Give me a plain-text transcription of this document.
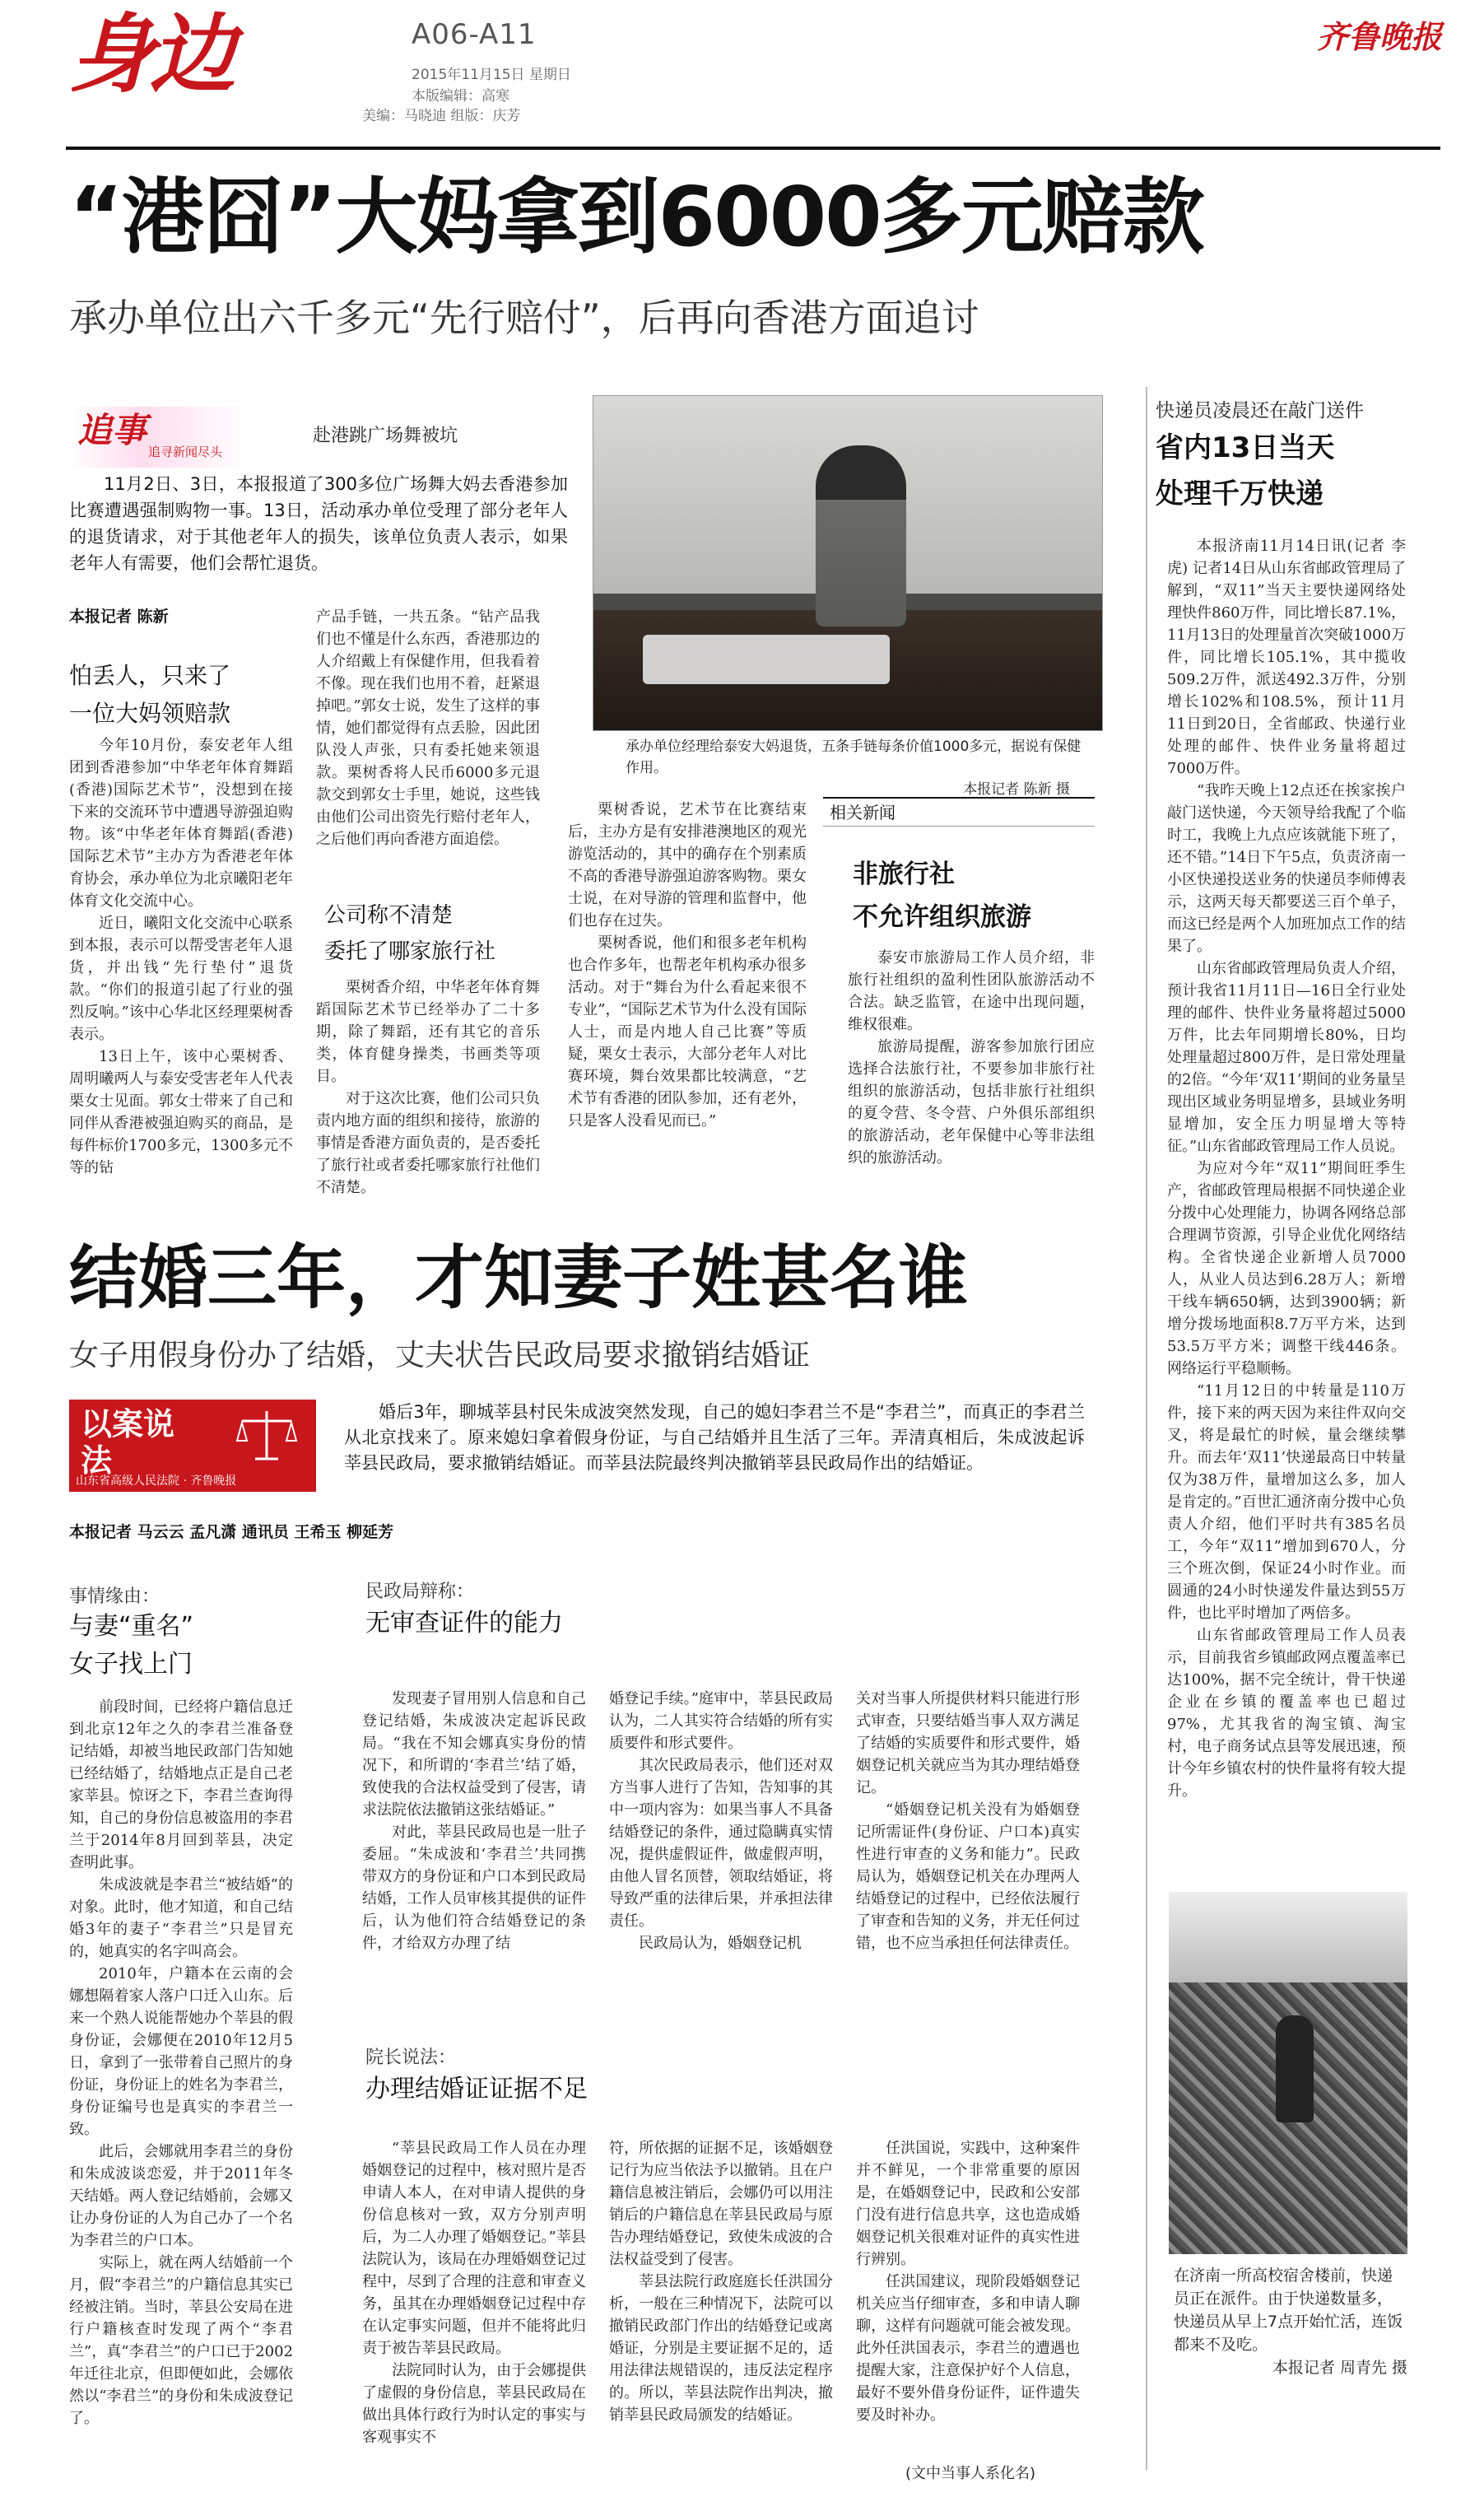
身边	A06-A11
2015年11月15日 星期日
本版编辑：高寒
美编：马晓迪 组版：庆芳
齐鲁晚报
“港囧”大妈拿到6000多元赔款
承办单位出六千多元“先行赔付”，后再向香港方面追讨
追事
追寻新闻尽头
赴港跳广场舞被坑
11月2日、3日，本报报道了300多位广场舞大妈去香港参加比赛遭遇强制购物一事。13日，活动承办单位受理了部分老年人的退货请求，对于其他老年人的损失，该单位负责人表示，如果老年人有需要，他们会帮忙退货。
本报记者 陈新
怕丢人，只来了
一位大妈领赔款

今年10月份，泰安老年人组团到香港参加“中华老年体育舞蹈(香港)国际艺术节”，没想到在接下来的交流环节中遭遇导游强迫购物。该“中华老年体育舞蹈(香港)国际艺术节”主办方为香港老年体育协会，承办单位为北京曦阳老年体育文化交流中心。

近日，曦阳文化交流中心联系到本报，表示可以帮受害老年人退货，并出钱“先行垫付”退货款。“你们的报道引起了行业的强烈反响。”该中心华北区经理栗树香表示。

13日上午，该中心栗树香、周明曦两人与泰安受害老年人代表栗女士见面。郭女士带来了自己和同伴从香港被强迫购买的商品，是每件标价1700多元，1300多元不等的钻

产品手链，一共五条。“钻产品我们也不懂是什么东西，香港那边的人介绍戴上有保健作用，但我看着不像。现在我们也用不着，赶紧退掉吧。”郭女士说，发生了这样的事情，她们都觉得有点丢脸，因此团队没人声张，只有委托她来领退款。栗树香将人民币6000多元退款交到郭女士手里，她说，这些钱由他们公司出资先行赔付老年人，之后他们再向香港方面追偿。

公司称不清楚
委托了哪家旅行社

栗树香介绍，中华老年体育舞蹈国际艺术节已经举办了二十多期，除了舞蹈，还有其它的音乐类，体育健身操类，书画类等项目。

对于这次比赛，他们公司只负责内地方面的组织和接待，旅游的事情是香港方面负责的，是否委托了旅行社或者委托哪家旅行社他们不清楚。

栗树香说，艺术节在比赛结束后，主办方是有安排港澳地区的观光游览活动的，其中的确存在个别素质不高的香港导游强迫游客购物。栗女士说，在对导游的管理和监督中，他们也存在过失。

栗树香说，他们和很多老年机构也合作多年，也帮老年机构承办很多活动。对于“舞台为什么看起来很不专业”，“国际艺术节为什么没有国际人士，而是内地人自己比赛”等质疑，栗女士表示，大部分老年人对比赛环境，舞台效果都比较满意，“艺术节有香港的团队参加，还有老外，只是客人没看见而已。”

承办单位经理给泰安大妈退货，五条手链每条价值1000多元，据说有保健作用。
本报记者 陈新 摄
相关新闻
非旅行社
不允许组织旅游

泰安市旅游局工作人员介绍，非旅行社组织的盈利性团队旅游活动不合法。缺乏监管，在途中出现问题，维权很难。

旅游局提醒，游客参加旅行团应选择合法旅行社，不要参加非旅行社组织的旅游活动，包括非旅行社组织的夏令营、冬令营、户外俱乐部组织的旅游活动，老年保健中心等非法组织的旅游活动。

快递员凌晨还在敲门送件
省内13日当天
处理千万快递

本报济南11月14日讯(记者 李虎) 记者14日从山东省邮政管理局了解到，“双11”当天主要快递网络处理快件860万件，同比增长87.1%，11月13日的处理量首次突破1000万件，同比增长105.1%，其中揽收509.2万件，派送492.3万件，分别增长102%和108.5%，预计11月11日到20日，全省邮政、快递行业处理的邮件、快件业务量将超过7000万件。

“我昨天晚上12点还在挨家挨户敲门送快递，今天领导给我配了个临时工，我晚上九点应该就能下班了，还不错。”14日下午5点，负责济南一小区快递投送业务的快递员李师傅表示，这两天每天都要送三百个单子，而这已经是两个人加班加点工作的结果了。

山东省邮政管理局负责人介绍，预计我省11月11日—16日全行业处理的邮件、快件业务量将超过5000万件，比去年同期增长80%，日均处理量超过800万件，是日常处理量的2倍。“今年‘双11’期间的业务量呈现出区域业务明显增多，县域业务明显增加，安全压力明显增大等特征。”山东省邮政管理局工作人员说。

为应对今年“双11”期间旺季生产，省邮政管理局根据不同快递企业分拨中心处理能力，协调各网络总部合理调节资源，引导企业优化网络结构。全省快递企业新增人员7000人，从业人员达到6.28万人；新增干线车辆650辆，达到3900辆；新增分拨场地面积8.7万平方米，达到53.5万平方米；调整干线446条。网络运行平稳顺畅。

“11月12日的中转量是110万件，接下来的两天因为来往件双向交叉，将是最忙的时候，量会继续攀升。而去年‘双11’快递最高日中转量仅为38万件，量增加这么多，加人是肯定的。”百世汇通济南分拨中心负责人介绍，他们平时共有385名员工，今年“双11”增加到670人，分三个班次倒，保证24小时作业。而圆通的24小时快递发件量达到55万件，也比平时增加了两倍多。

山东省邮政管理局工作人员表示，目前我省乡镇邮政网点覆盖率已达100%，据不完全统计，骨干快递企业在乡镇的覆盖率也已超过97%，尤其我省的淘宝镇、淘宝村，电子商务试点县等发展迅速，预计今年乡镇农村的快件量将有较大提升。

在济南一所高校宿舍楼前，快递员正在派件。由于快递数量多，快递员从早上7点开始忙活，连饭都来不及吃。
本报记者 周青先 摄
结婚三年，才知妻子姓甚名谁
女子用假身份办了结婚，丈夫状告民政局要求撤销结婚证
以案说法
山东省高级人民法院 · 齐鲁晚报
婚后3年，聊城莘县村民朱成波突然发现，自己的媳妇李君兰不是“李君兰”，而真正的李君兰从北京找来了。原来媳妇拿着假身份证，与自己结婚并且生活了三年。弄清真相后，朱成波起诉莘县民政局，要求撤销结婚证。而莘县法院最终判决撤销莘县民政局作出的结婚证。
本报记者 马云云 孟凡潇 通讯员 王希玉 柳延芳
事情缘由：
与妻“重名”
女子找上门

前段时间，已经将户籍信息迁到北京12年之久的李君兰准备登记结婚，却被当地民政部门告知她已经结婚了，结婚地点正是自己老家莘县。惊讶之下，李君兰查询得知，自己的身份信息被盗用的李君兰于2014年8月回到莘县，决定查明此事。

朱成波就是李君兰“被结婚”的对象。此时，他才知道，和自己结婚3年的妻子“李君兰”只是冒充的，她真实的名字叫高会。

2010年，户籍本在云南的会娜想隔着家人落户口迁入山东。后来一个熟人说能帮她办个莘县的假身份证，会娜便在2010年12月5日，拿到了一张带着自己照片的身份证，身份证上的姓名为李君兰，身份证编号也是真实的李君兰一致。

此后，会娜就用李君兰的身份和朱成波谈恋爱，并于2011年冬天结婚。两人登记结婚前，会娜又让办身份证的人为自己办了一个名为李君兰的户口本。

实际上，就在两人结婚前一个月，假“李君兰”的户籍信息其实已经被注销。当时，莘县公安局在进行户籍核查时发现了两个“李君兰”，真“李君兰”的户口已于2002年迁往北京，但即便如此，会娜依然以“李君兰”的身份和朱成波登记了。

民政局辩称：
无审查证件的能力

发现妻子冒用别人信息和自己登记结婚，朱成波决定起诉民政局。“我在不知会娜真实身份的情况下，和所谓的‘李君兰’结了婚，致使我的合法权益受到了侵害，请求法院依法撤销这张结婚证。”

对此，莘县民政局也是一肚子委屈。“朱成波和‘李君兰’共同携带双方的身份证和户口本到民政局结婚，工作人员审核其提供的证件后，认为他们符合结婚登记的条件，才给双方办理了结

婚登记手续。”庭审中，莘县民政局认为，二人其实符合结婚的所有实质要件和形式要件。

其次民政局表示，他们还对双方当事人进行了告知，告知事的其中一项内容为：如果当事人不具备结婚登记的条件，通过隐瞒真实情况，提供虚假证件，做虚假声明，由他人冒名顶替，领取结婚证，将导致严重的法律后果，并承担法律责任。

民政局认为，婚姻登记机

关对当事人所提供材料只能进行形式审查，只要结婚当事人双方满足了结婚的实质要件和形式要件，婚姻登记机关就应当为其办理结婚登记。

“婚姻登记机关没有为婚姻登记所需证件(身份证、户口本)真实性进行审查的义务和能力”。民政局认为，婚姻登记机关在办理两人结婚登记的过程中，已经依法履行了审查和告知的义务，并无任何过错，也不应当承担任何法律责任。

院长说法：
办理结婚证证据不足

“莘县民政局工作人员在办理婚姻登记的过程中，核对照片是否申请人本人，在对申请人提供的身份信息核对一致，双方分别声明后，为二人办理了婚姻登记。”莘县法院认为，该局在办理婚姻登记过程中，尽到了合理的注意和审查义务，虽其在办理婚姻登记过程中存在认定事实问题，但并不能将此归责于被告莘县民政局。

法院同时认为，由于会娜提供了虚假的身份信息，莘县民政局在做出具体行政行为时认定的事实与客观事实不

符，所依据的证据不足，该婚姻登记行为应当依法予以撤销。且在户籍信息被注销后，会娜仍可以用注销后的户籍信息在莘县民政局与原告办理结婚登记，致使朱成波的合法权益受到了侵害。

莘县法院行政庭庭长任洪国分析，一般在三种情况下，法院可以撤销民政部门作出的结婚登记或离婚证，分别是主要证据不足的，适用法律法规错误的，违反法定程序的。所以，莘县法院作出判决，撤销莘县民政局颁发的结婚证。

任洪国说，实践中，这种案件并不鲜见，一个非常重要的原因是，在婚姻登记中，民政和公安部门没有进行信息共享，这也造成婚姻登记机关很难对证件的真实性进行辨别。

任洪国建议，现阶段婚姻登记机关应当仔细审查，多和申请人聊聊，这样有问题就可能会被发现。此外任洪国表示，李君兰的遭遇也提醒大家，注意保护好个人信息，最好不要外借身份证件，证件遗失要及时补办。

(文中当事人系化名)
